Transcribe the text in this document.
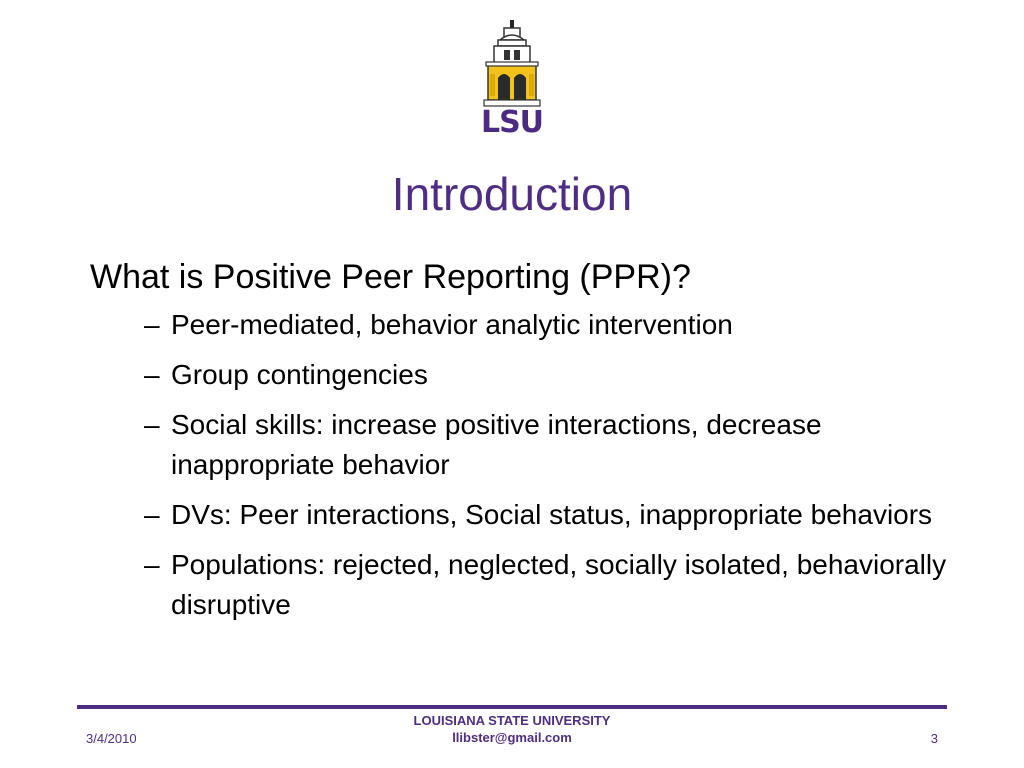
LSU
Introduction
What is Positive Peer Reporting (PPR)?
– Peer-mediated, behavior analytic intervention
– Group contingencies
– Social skills: increase positive interactions, decrease inappropriate behavior
– DVs: Peer interactions, Social status, inappropriate behaviors
– Populations: rejected, neglected, socially isolated, behaviorally disruptive
LOUISIANA STATE UNIVERSITY
llibster@gmail.com
3/4/2010	3
